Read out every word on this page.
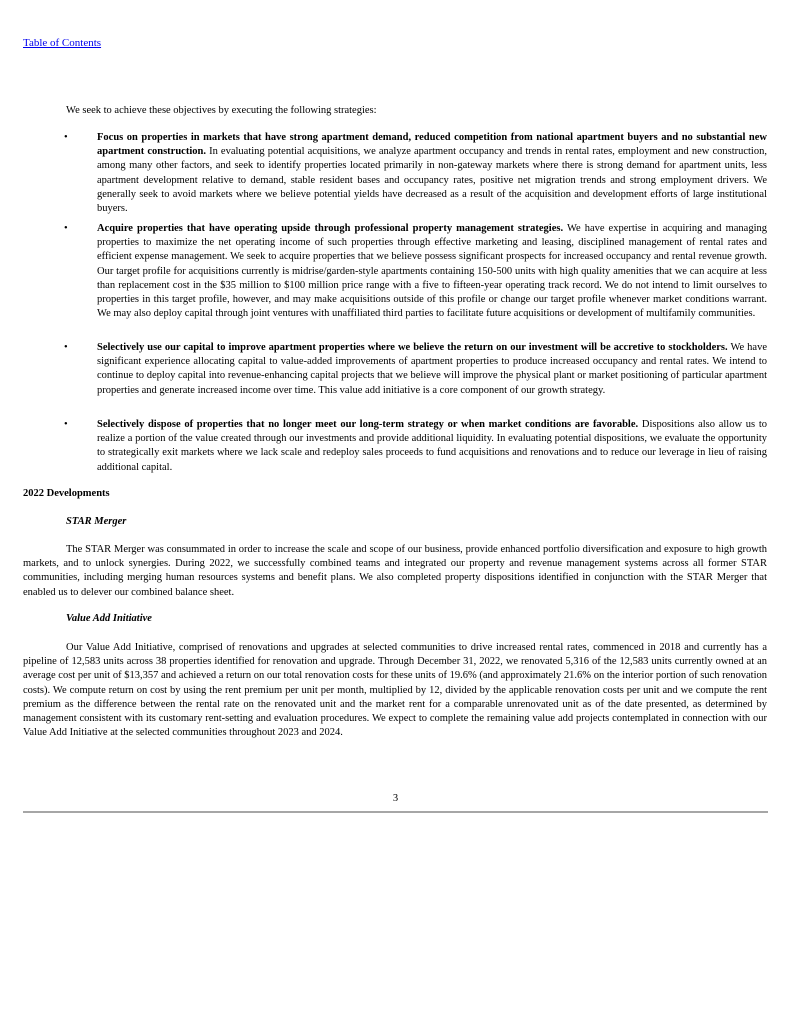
Table of Contents
We seek to achieve these objectives by executing the following strategies:
•	Focus on properties in markets that have strong apartment demand, reduced competition from national apartment buyers and no substantial new apartment construction. In evaluating potential acquisitions, we analyze apartment occupancy and trends in rental rates, employment and new construction, among many other factors, and seek to identify properties located primarily in non-gateway markets where there is strong demand for apartment units, less apartment development relative to demand, stable resident bases and occupancy rates, positive net migration trends and strong employment drivers. We generally seek to avoid markets where we believe potential yields have decreased as a result of the acquisition and development efforts of large institutional buyers.
•	Acquire properties that have operating upside through professional property management strategies. We have expertise in acquiring and managing properties to maximize the net operating income of such properties through effective marketing and leasing, disciplined management of rental rates and efficient expense management. We seek to acquire properties that we believe possess significant prospects for increased occupancy and rental revenue growth. Our target profile for acquisitions currently is midrise/garden-style apartments containing 150-500 units with high quality amenities that we can acquire at less than replacement cost in the $35 million to $100 million price range with a five to fifteen-year operating track record. We do not intend to limit ourselves to properties in this target profile, however, and may make acquisitions outside of this profile or change our target profile whenever market conditions warrant. We may also deploy capital through joint ventures with unaffiliated third parties to facilitate future acquisitions or development of multifamily communities.
•	Selectively use our capital to improve apartment properties where we believe the return on our investment will be accretive to stockholders. We have significant experience allocating capital to value-added improvements of apartment properties to produce increased occupancy and rental rates. We intend to continue to deploy capital into revenue-enhancing capital projects that we believe will improve the physical plant or market positioning of particular apartment properties and generate increased income over time. This value add initiative is a core component of our growth strategy.
•	Selectively dispose of properties that no longer meet our long-term strategy or when market conditions are favorable. Dispositions also allow us to realize a portion of the value created through our investments and provide additional liquidity. In evaluating potential dispositions, we evaluate the opportunity to strategically exit markets where we lack scale and redeploy sales proceeds to fund acquisitions and renovations and to reduce our leverage in lieu of raising additional capital.
2022 Developments
STAR Merger
The STAR Merger was consummated in order to increase the scale and scope of our business, provide enhanced portfolio diversification and exposure to high growth markets, and to unlock synergies. During 2022, we successfully combined teams and integrated our property and revenue management systems across all former STAR communities, including merging human resources systems and benefit plans. We also completed property dispositions identified in conjunction with the STAR Merger that enabled us to delever our combined balance sheet.
Value Add Initiative
Our Value Add Initiative, comprised of renovations and upgrades at selected communities to drive increased rental rates, commenced in 2018 and currently has a pipeline of 12,583 units across 38 properties identified for renovation and upgrade. Through December 31, 2022, we renovated 5,316 of the 12,583 units currently owned at an average cost per unit of $13,357 and achieved a return on our total renovation costs for these units of 19.6% (and approximately 21.6% on the interior portion of such renovation costs). We compute return on cost by using the rent premium per unit per month, multiplied by 12, divided by the applicable renovation costs per unit and we compute the rent premium as the difference between the rental rate on the renovated unit and the market rent for a comparable unrenovated unit as of the date presented, as determined by management consistent with its customary rent-setting and evaluation procedures. We expect to complete the remaining value add projects contemplated in connection with our Value Add Initiative at the selected communities throughout 2023 and 2024.
3
